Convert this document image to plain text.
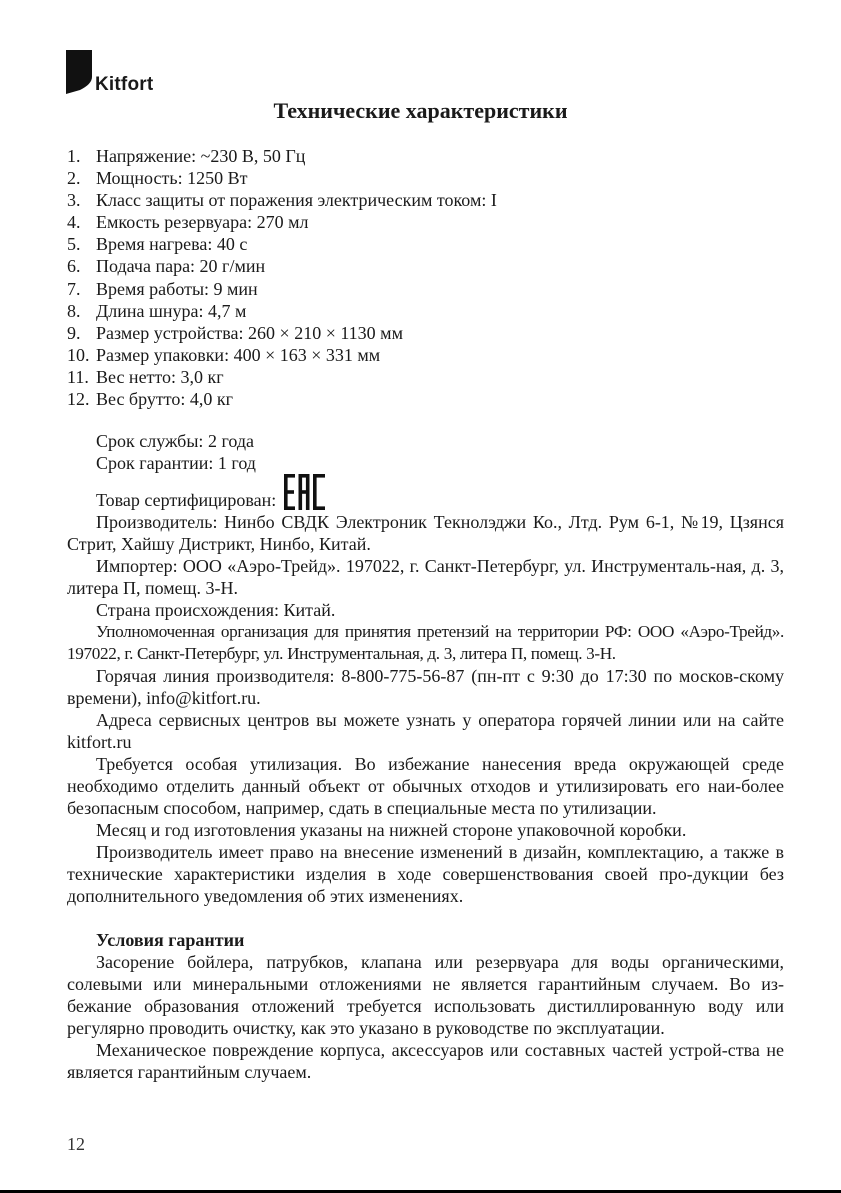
Kitfort
Технические характеристики
1. Напряжение: ~230 В, 50 Гц
2. Мощность: 1250 Вт
3. Класс защиты от поражения электрическим током: I
4. Емкость резервуара: 270 мл
5. Время нагрева: 40 с
6. Подача пара: 20 г/мин
7. Время работы: 9 мин
8. Длина шнура: 4,7 м
9. Размер устройства: 260 × 210 × 1130 мм
10. Размер упаковки: 400 × 163 × 331 мм
11. Вес нетто: 3,0 кг
12. Вес брутто: 4,0 кг

Срок службы: 2 года

Срок гарантии: 1 год

Товар сертифицирован:

Производитель: Нинбо СВДК Электроник Текнолэджи Ко., Лтд. Рум 6-1, №19, Цзянся Стрит, Хайшу Дистрикт, Нинбо, Китай.

Импортер: ООО «Аэро-Трейд». 197022, г. Санкт-Петербург, ул. Инструменталь-ная, д. 3, литера П, помещ. 3-Н.

Страна происхождения: Китай.

Уполномоченная организация для принятия претензий на территории РФ: ООО «Аэро-Трейд». 197022, г. Санкт-Петербург, ул. Инструментальная, д. 3, литера П, помещ. 3-Н.

Горячая линия производителя: 8-800-775-56-87 (пн-пт с 9:30 до 17:30 по москов-скому времени), info@kitfort.ru.

Адреса сервисных центров вы можете узнать у оператора горячей линии или на сайте kitfort.ru

Требуется особая утилизация. Во избежание нанесения вреда окружающей среде необходимо отделить данный объект от обычных отходов и утилизировать его наи-более безопасным способом, например, сдать в специальные места по утилизации.

Месяц и год изготовления указаны на нижней стороне упаковочной коробки.

Производитель имеет право на внесение изменений в дизайн, комплектацию, а также в технические характеристики изделия в ходе совершенствования своей про-дукции без дополнительного уведомления об этих изменениях.

Условия гарантии

Засорение бойлера, патрубков, клапана или резервуара для воды органическими, солевыми или минеральными отложениями не является гарантийным случаем. Во из-бежание образования отложений требуется использовать дистиллированную воду или регулярно проводить очистку, как это указано в руководстве по эксплуатации.

Механическое повреждение корпуса, аксессуаров или составных частей устрой-ства не является гарантийным случаем.

12
